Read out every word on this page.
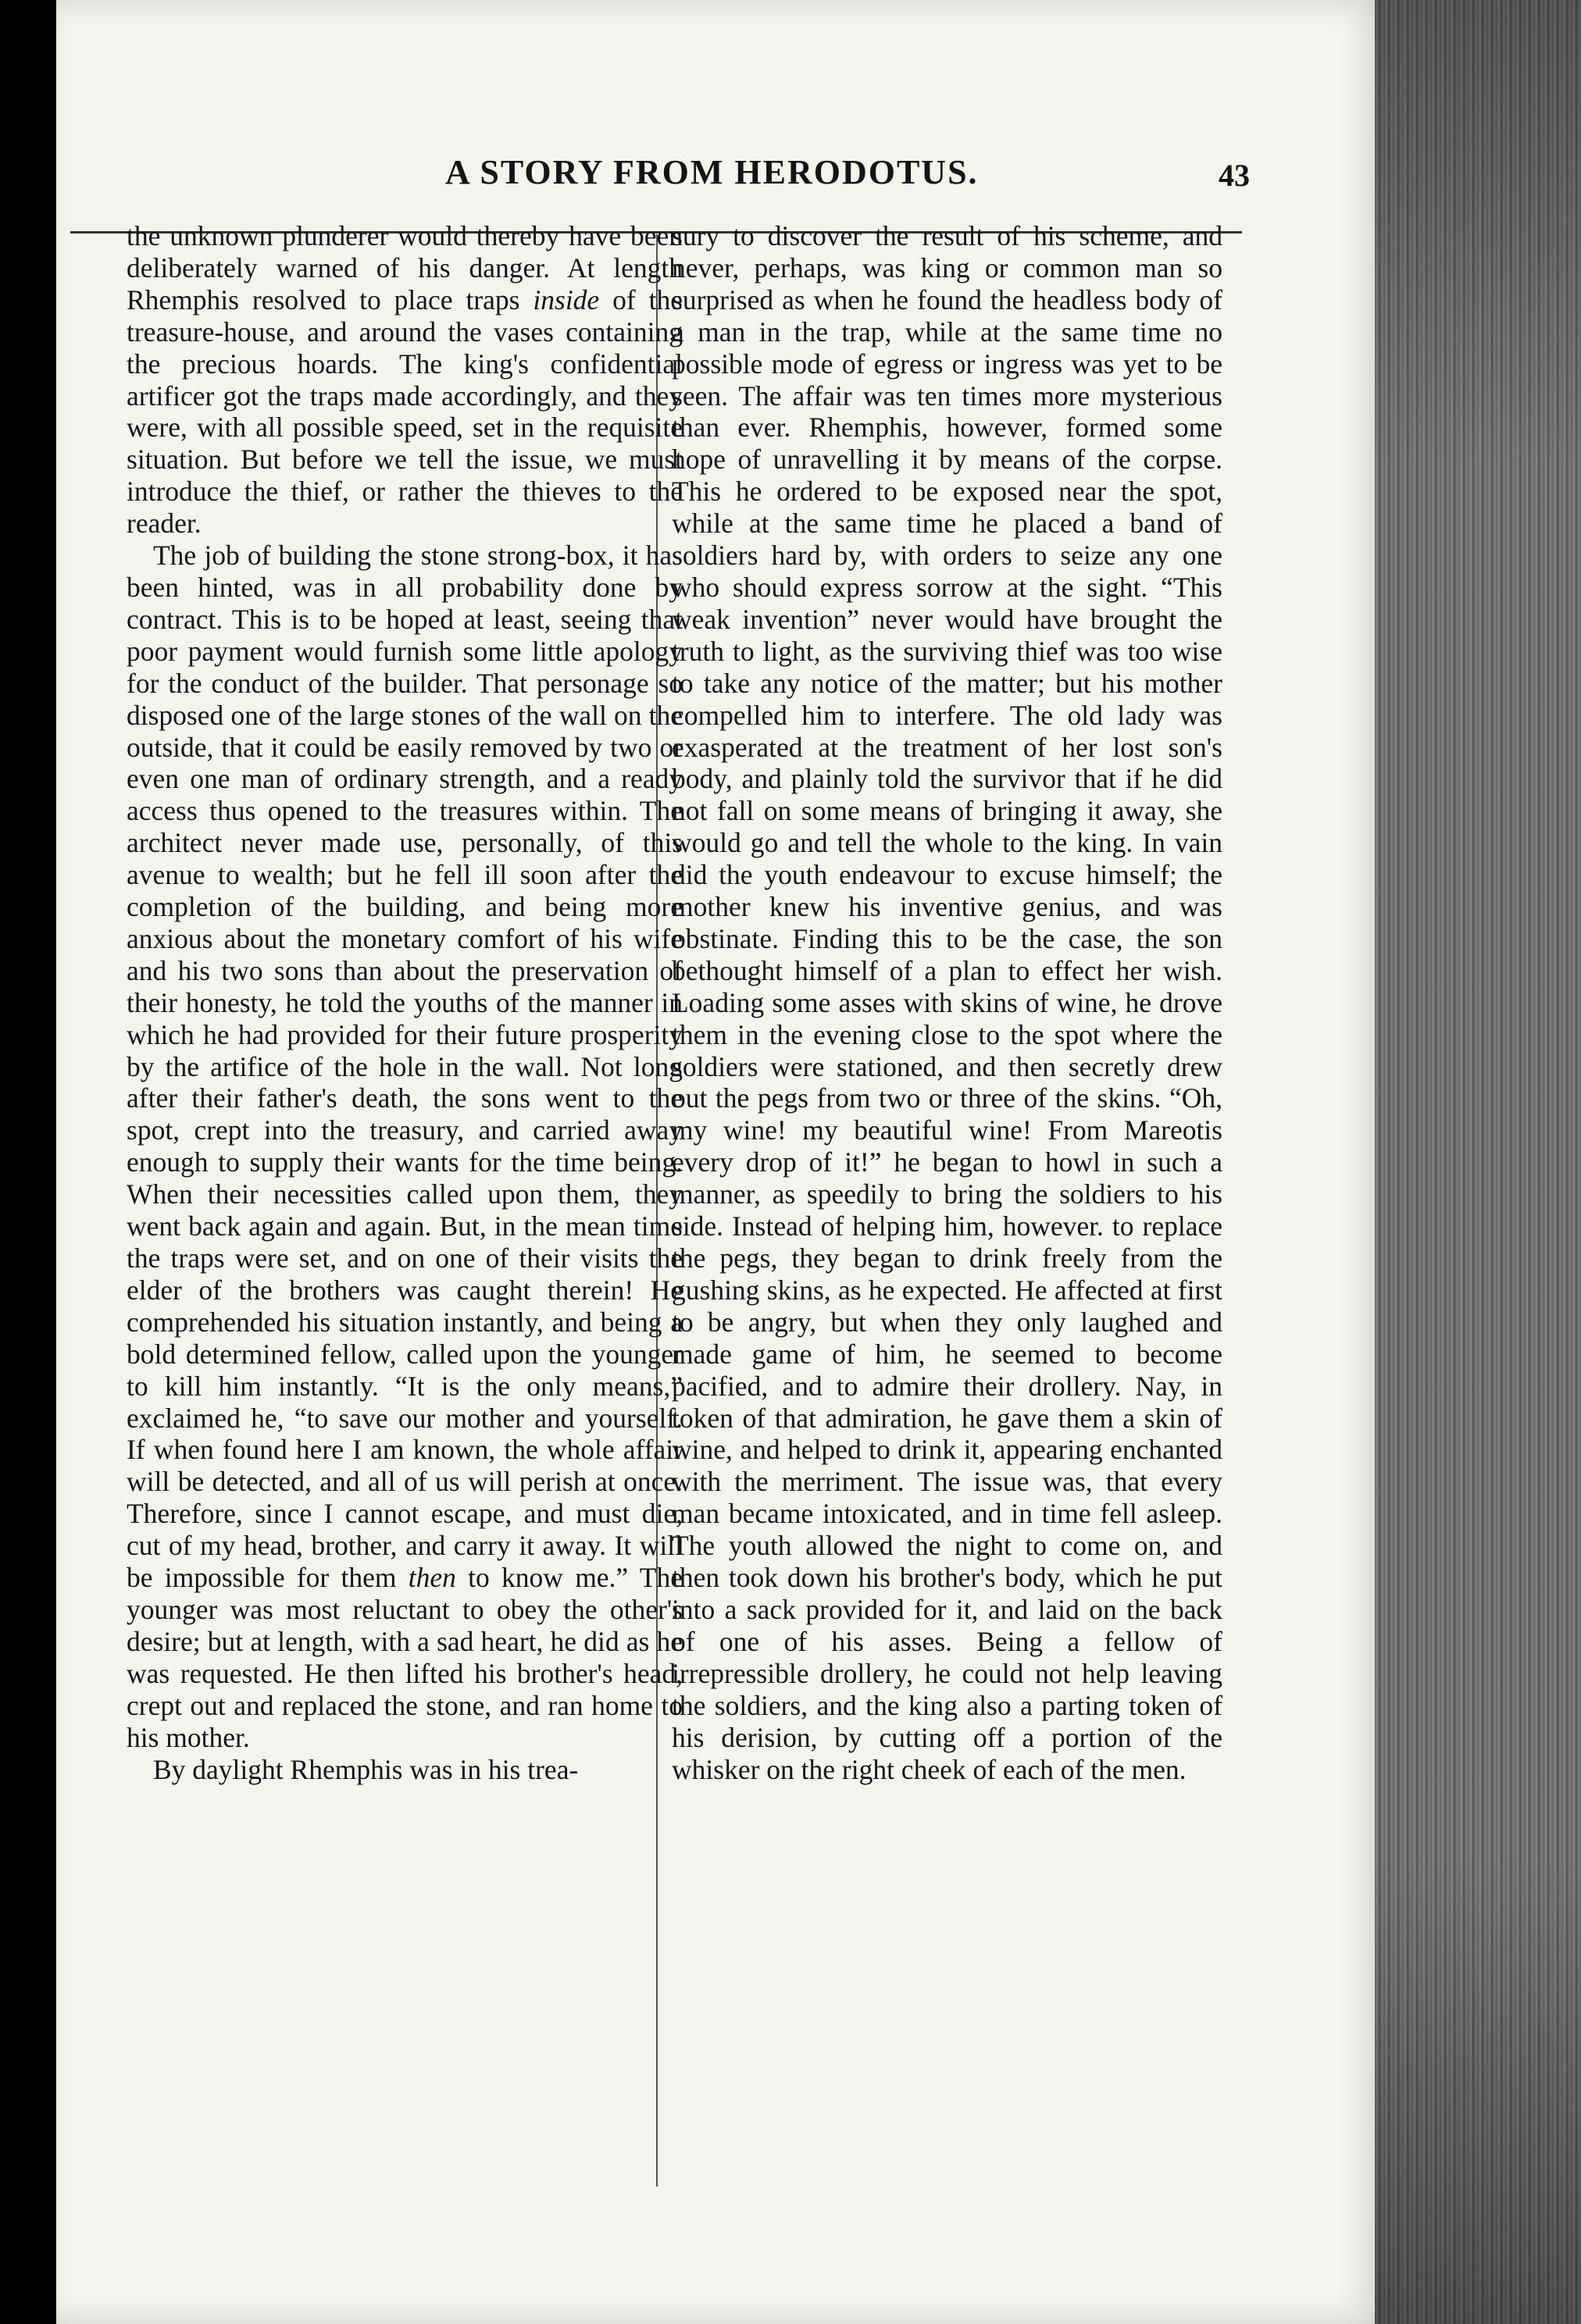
A STORY FROM HERODOTUS.	43

the unknown plunderer would thereby have been deliberately warned of his danger. At length Rhemphis resolved to place traps inside of the treasure-house, and around the vases containing the precious hoards. The king's confidential artificer got the traps made accordingly, and they were, with all possible speed, set in the requisite situation. But before we tell the issue, we must introduce the thief, or rather the thieves to the reader.

The job of building the stone strong-box, it has been hinted, was in all probability done by contract. This is to be hoped at least, seeing that poor payment would furnish some little apology for the conduct of the builder. That personage so disposed one of the large stones of the wall on the outside, that it could be easily removed by two or even one man of ordinary strength, and a ready access thus opened to the treasures within. The architect never made use, personally, of this avenue to wealth; but he fell ill soon after the completion of the building, and being more anxious about the monetary comfort of his wife and his two sons than about the preservation of their honesty, he told the youths of the manner in which he had provided for their future prosperity by the artifice of the hole in the wall. Not long after their father's death, the sons went to the spot, crept into the treasury, and carried away enough to supply their wants for the time being. When their necessities called upon them, they went back again and again. But, in the mean time the traps were set, and on one of their visits the elder of the brothers was caught therein! He comprehended his situation instantly, and being a bold determined fellow, called upon the younger to kill him instantly. “It is the only means,” exclaimed he, “to save our mother and yourself. If when found here I am known, the whole affair will be detected, and all of us will perish at once. Therefore, since I cannot escape, and must die, cut of my head, brother, and carry it away. It will be impossible for them then to know me.” The younger was most reluctant to obey the other's desire; but at length, with a sad heart, he did as he was requested. He then lifted his brother's head, crept out and replaced the stone, and ran home to his mother.

By daylight Rhemphis was in his trea-

sury to discover the result of his scheme, and never, perhaps, was king or common man so surprised as when he found the headless body of a man in the trap, while at the same time no possible mode of egress or ingress was yet to be seen. The affair was ten times more mysterious than ever. Rhemphis, however, formed some hope of unravelling it by means of the corpse. This he ordered to be exposed near the spot, while at the same time he placed a band of soldiers hard by, with orders to seize any one who should express sorrow at the sight. “This weak invention” never would have brought the truth to light, as the surviving thief was too wise to take any notice of the matter; but his mother compelled him to interfere. The old lady was exasperated at the treatment of her lost son's body, and plainly told the survivor that if he did not fall on some means of bringing it away, she would go and tell the whole to the king. In vain did the youth endeavour to excuse himself; the mother knew his inventive genius, and was obstinate. Finding this to be the case, the son bethought himself of a plan to effect her wish. Loading some asses with skins of wine, he drove them in the evening close to the spot where the soldiers were stationed, and then secretly drew out the pegs from two or three of the skins. “Oh, my wine! my beautiful wine! From Mareotis every drop of it!” he began to howl in such a manner, as speedily to bring the soldiers to his side. Instead of helping him, however. to replace the pegs, they began to drink freely from the gushing skins, as he expected. He affected at first to be angry, but when they only laughed and made game of him, he seemed to become pacified, and to admire their drollery. Nay, in token of that admiration, he gave them a skin of wine, and helped to drink it, appearing enchanted with the merriment. The issue was, that every man became intoxicated, and in time fell asleep. The youth allowed the night to come on, and then took down his brother's body, which he put into a sack provided for it, and laid on the back of one of his asses. Being a fellow of irrepressible drollery, he could not help leaving the soldiers, and the king also a parting token of his derision, by cutting off a portion of the whisker on the right cheek of each of the men.
